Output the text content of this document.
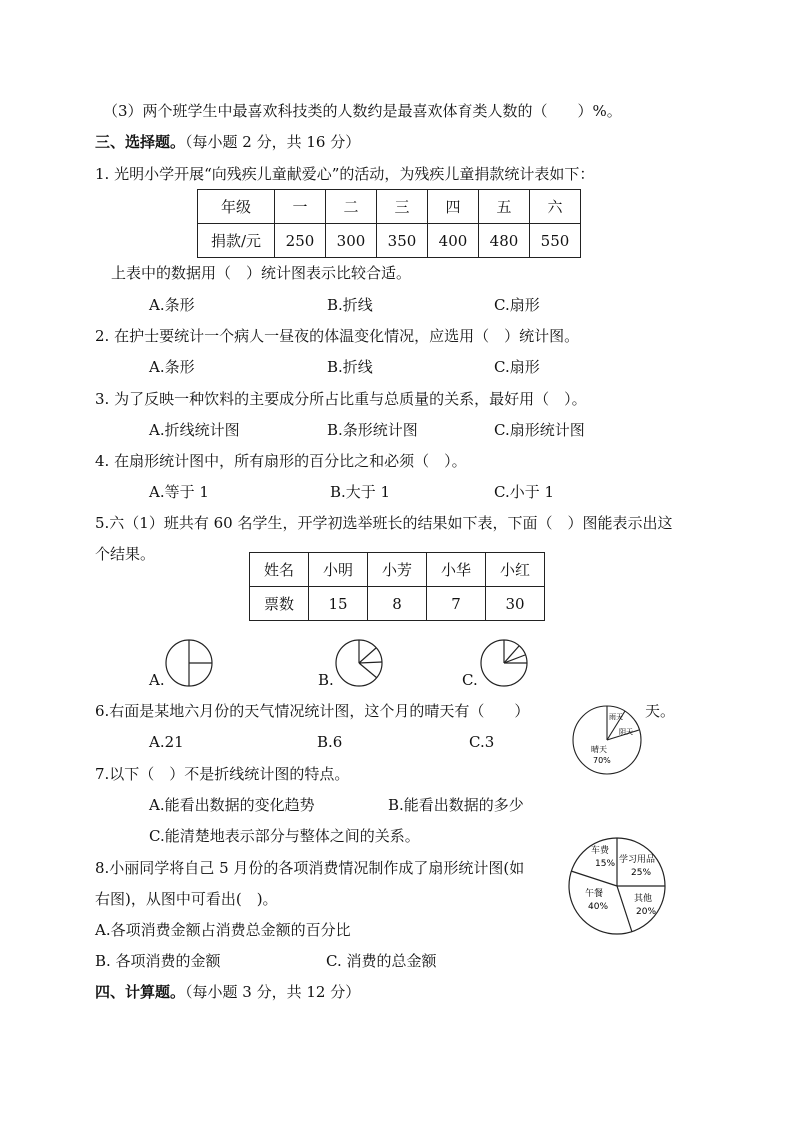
（3）两个班学生中最喜欢科技类的人数约是最喜欢体育类人数的（　　）%。
三、选择题。（每小题 2 分，共 16 分）
1. 光明小学开展“向残疾儿童献爱心”的活动，为残疾儿童捐款统计表如下：
年级	一	二	三	四	五	六
捐款/元	250	300	350	400	480	550
上表中的数据用（　）统计图表示比较合适。
A.条形	B.折线	C.扇形
2. 在护士要统计一个病人一昼夜的体温变化情况，应选用（　）统计图。
A.条形	B.折线	C.扇形
3. 为了反映一种饮料的主要成分所占比重与总质量的关系，最好用（　）。
A.折线统计图	B.条形统计图	C.扇形统计图
4. 在扇形统计图中，所有扇形的百分比之和必须（　）。
A.等于 1	B.大于 1	C.小于 1
5.六（1）班共有 60 名学生，开学初选举班长的结果如下表，下面（　）图能表示出这
个结果。
姓名	小明	小芳	小华	小红
票数	15	8	7	30
A.	B.	C.
6.右面是某地六月份的天气情况统计图，这个月的晴天有（　　）	天。
A.21	B.6	C.3
雨天
阴天
晴天
70%
7.以下（　）不是折线统计图的特点。
A.能看出数据的变化趋势	B.能看出数据的多少
C.能清楚地表示部分与整体之间的关系。
8.小丽同学将自己 5 月份的各项消费情况制作成了扇形统计图(如
右图)，从图中可看出(　)。
A.各项消费金额占消费总金额的百分比
B. 各项消费的金额	C. 消费的总金额
车费
15% 学习用品
25%
其他
20%
午餐
40%
四、计算题。（每小题 3 分，共 12 分）
